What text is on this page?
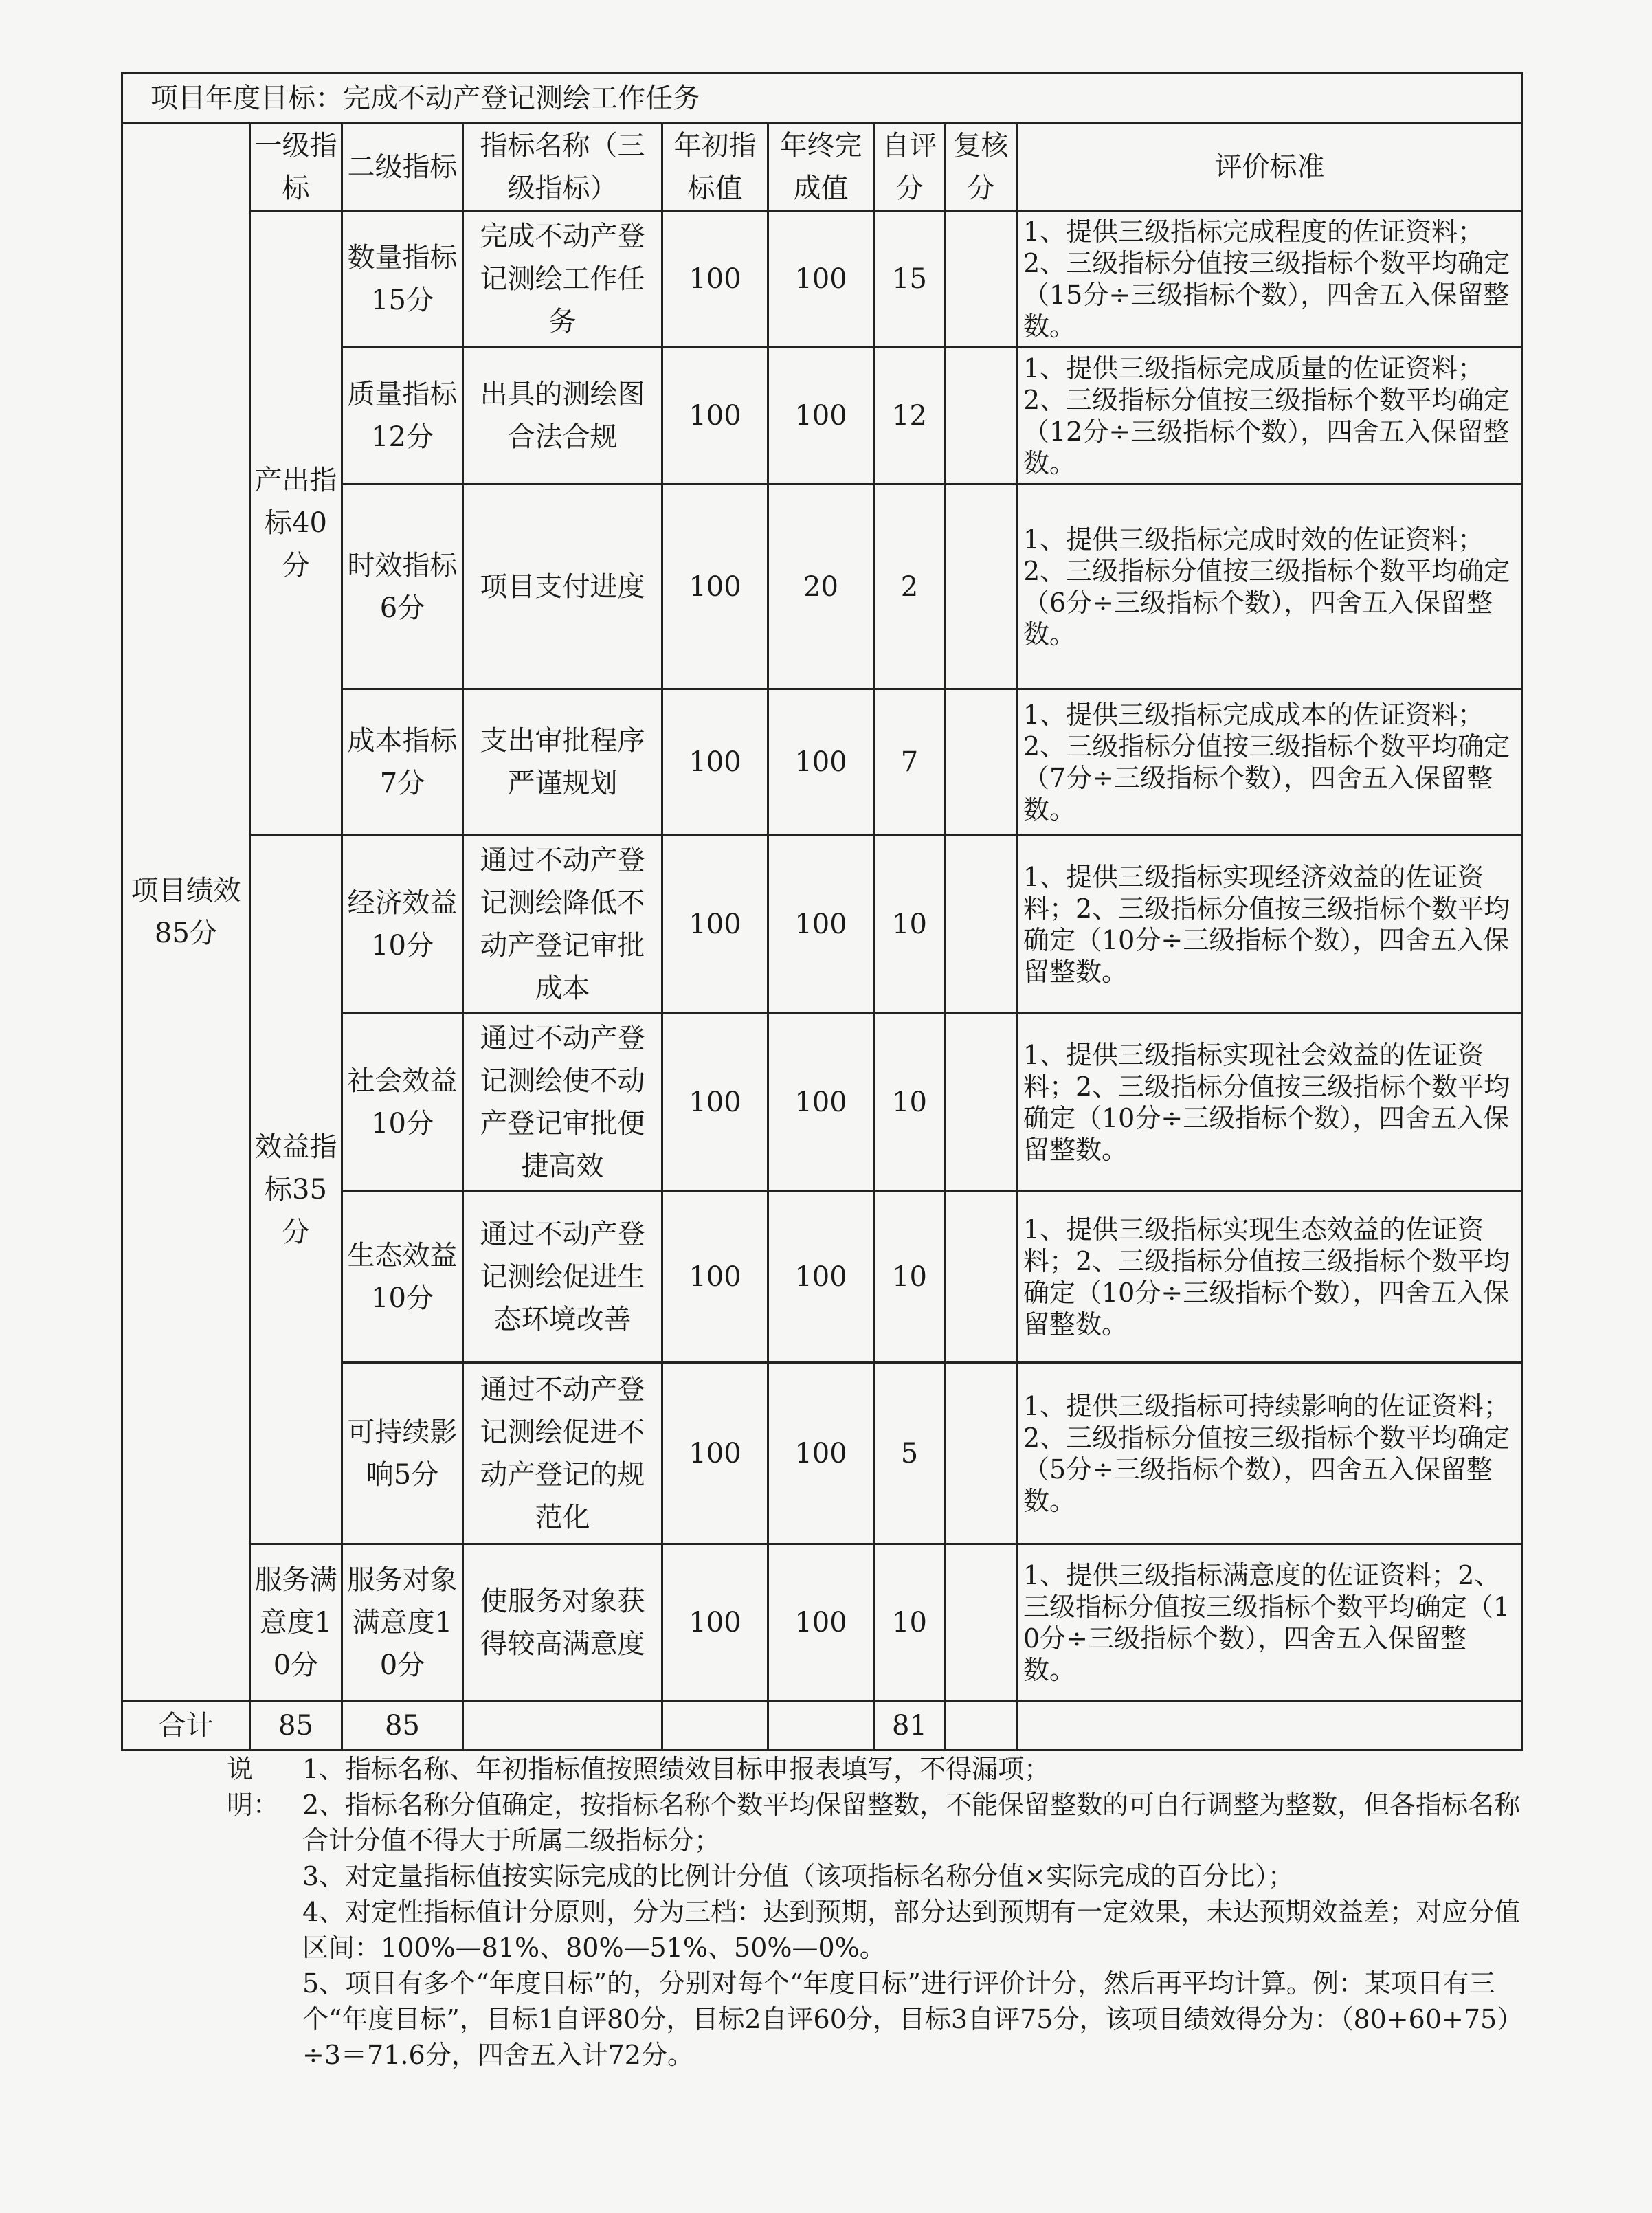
项目年度目标：完成不动产登记测绘工作任务								
项目绩效85分	一级指标	二级指标	指标名称（三级指标）	年初指标值	年终完成值	自评分	复核分	评价标准
	产出指标40分	数量指标15分	完成不动产登记测绘工作任务	100	100	15		1、提供三级指标完成程度的佐证资料；2、三级指标分值按三级指标个数平均确定（15分÷三级指标个数），四舍五入保留整数。
		质量指标12分	出具的测绘图合法合规	100	100	12		1、提供三级指标完成质量的佐证资料；2、三级指标分值按三级指标个数平均确定（12分÷三级指标个数），四舍五入保留整数。
		时效指标6分	项目支付进度	100	20	2		1、提供三级指标完成时效的佐证资料；2、三级指标分值按三级指标个数平均确定（6分÷三级指标个数），四舍五入保留整数。
		成本指标7分	支出审批程序严谨规划	100	100	7		1、提供三级指标完成成本的佐证资料；2、三级指标分值按三级指标个数平均确定（7分÷三级指标个数），四舍五入保留整数。
	效益指标35分	经济效益10分	通过不动产登记测绘降低不动产登记审批成本	100	100	10		1、提供三级指标实现经济效益的佐证资料；2、三级指标分值按三级指标个数平均确定（10分÷三级指标个数），四舍五入保留整数。
		社会效益10分	通过不动产登记测绘使不动产登记审批便捷高效	100	100	10		1、提供三级指标实现社会效益的佐证资料；2、三级指标分值按三级指标个数平均确定（10分÷三级指标个数），四舍五入保留整数。
		生态效益10分	通过不动产登记测绘促进生态环境改善	100	100	10		1、提供三级指标实现生态效益的佐证资料；2、三级指标分值按三级指标个数平均确定（10分÷三级指标个数），四舍五入保留整数。
		可持续影响5分	通过不动产登记测绘促进不动产登记的规范化	100	100	5		1、提供三级指标可持续影响的佐证资料；2、三级指标分值按三级指标个数平均确定（5分÷三级指标个数），四舍五入保留整数。
	服务满意度10分	服务对象满意度10分	使服务对象获得较高满意度	100	100	10		1、提供三级指标满意度的佐证资料；2、三级指标分值按三级指标个数平均确定（10分÷三级指标个数），四舍五入保留整数。
合计	85	85				81		
说明：

1、指标名称、年初指标值按照绩效目标申报表填写，不得漏项；

2、指标名称分值确定，按指标名称个数平均保留整数，不能保留整数的可自行调整为整数，但各指标名称合计分值不得大于所属二级指标分；

3、对定量指标值按实际完成的比例计分值（该项指标名称分值×实际完成的百分比）；

4、对定性指标值计分原则，分为三档：达到预期，部分达到预期有一定效果，未达预期效益差；对应分值区间：100%—81%、80%—51%、50%—0%。

5、项目有多个“年度目标”的，分别对每个“年度目标”进行评价计分，然后再平均计算。例：某项目有三个“年度目标”，目标1自评80分，目标2自评60分，目标3自评75分，该项目绩效得分为：（80+60+75）÷3＝71.6分，四舍五入计72分。
